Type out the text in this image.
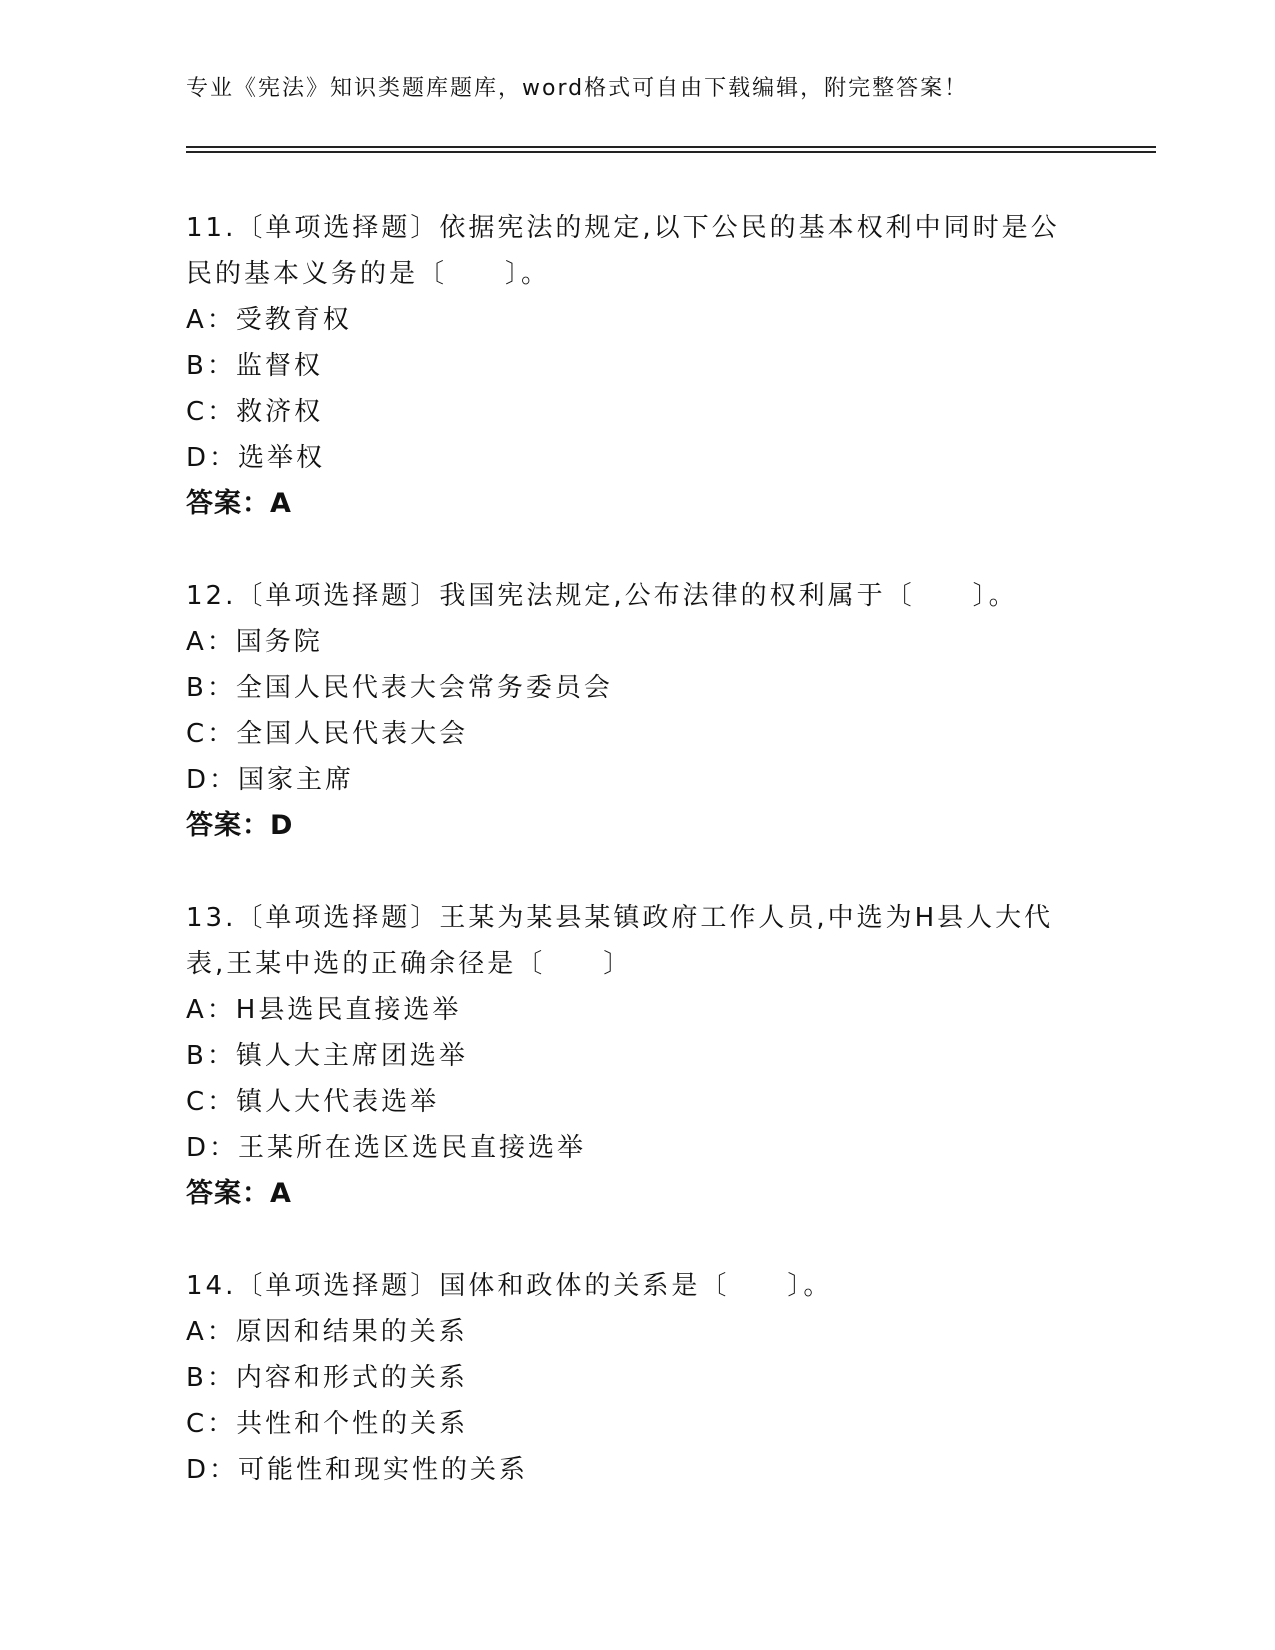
专业《宪法》知识类题库题库，word格式可自由下载编辑，附完整答案！

11.〔单项选择题〕依据宪法的规定,以下公民的基本权利中同时是公民的基本义务的是〔　　〕。

A：受教育权

B：监督权

C：救济权

D：选举权

答案：A

12.〔单项选择题〕我国宪法规定,公布法律的权利属于〔　　〕。

A：国务院

B：全国人民代表大会常务委员会

C：全国人民代表大会

D：国家主席

答案：D

13.〔单项选择题〕王某为某县某镇政府工作人员,中选为H县人大代表,王某中选的正确余径是〔　　〕

A：H县选民直接选举

B：镇人大主席团选举

C：镇人大代表选举

D：王某所在选区选民直接选举

答案：A

14.〔单项选择题〕国体和政体的关系是〔　　〕。

A：原因和结果的关系

B：内容和形式的关系

C：共性和个性的关系

D：可能性和现实性的关系
